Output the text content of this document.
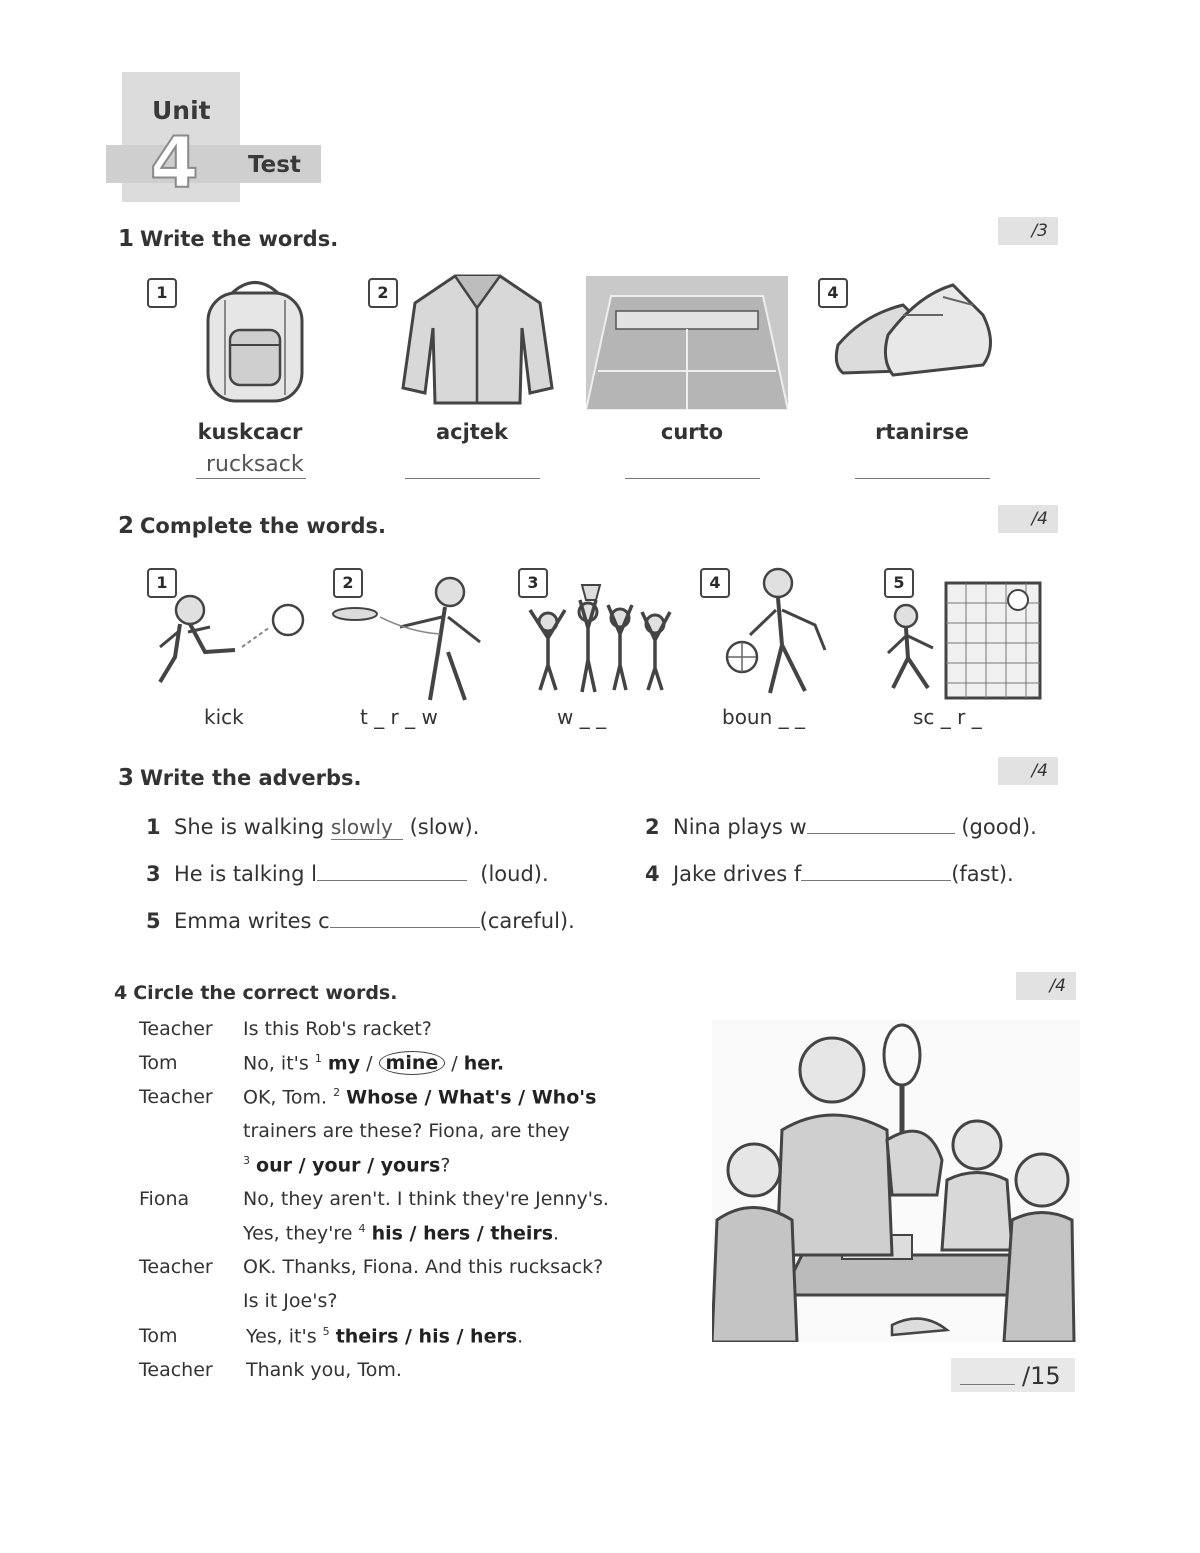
Unit
4 Test
1 Write the words.	/3
1	2	4
kuskcacr	acjtek	curto	rtanirse
rucksack
2 Complete the words.	/4
1	2	3	4	5
kick	t _ r _ w	w _ _	boun _ _	sc _ r _
3 Write the adverbs.	/4
1 She is walking slowly (slow).	2 Nina plays w	(good).
3 He is talking l	(loud).	4 Jake drives f	(fast).
5 Emma writes c	(careful).
4 Circle the correct words.	/4
Teacher Is this Rob's racket?
Tom	No, it's $^1$ my / mine / her.
Teacher OK, Tom. $^2$ Whose / What's / Who's
trainers are these? Fiona, are they
$^3$ our / your / yours?
Fiona	No, they aren't. I think they're Jenny's.
Yes, they're $^4$ his / hers / theirs.
Teacher OK. Thanks, Fiona. And this rucksack?
Is it Joe's?
Tom	Yes, it's $^5$ theirs / his / hers.
Teacher Thank you, Tom.	/15
